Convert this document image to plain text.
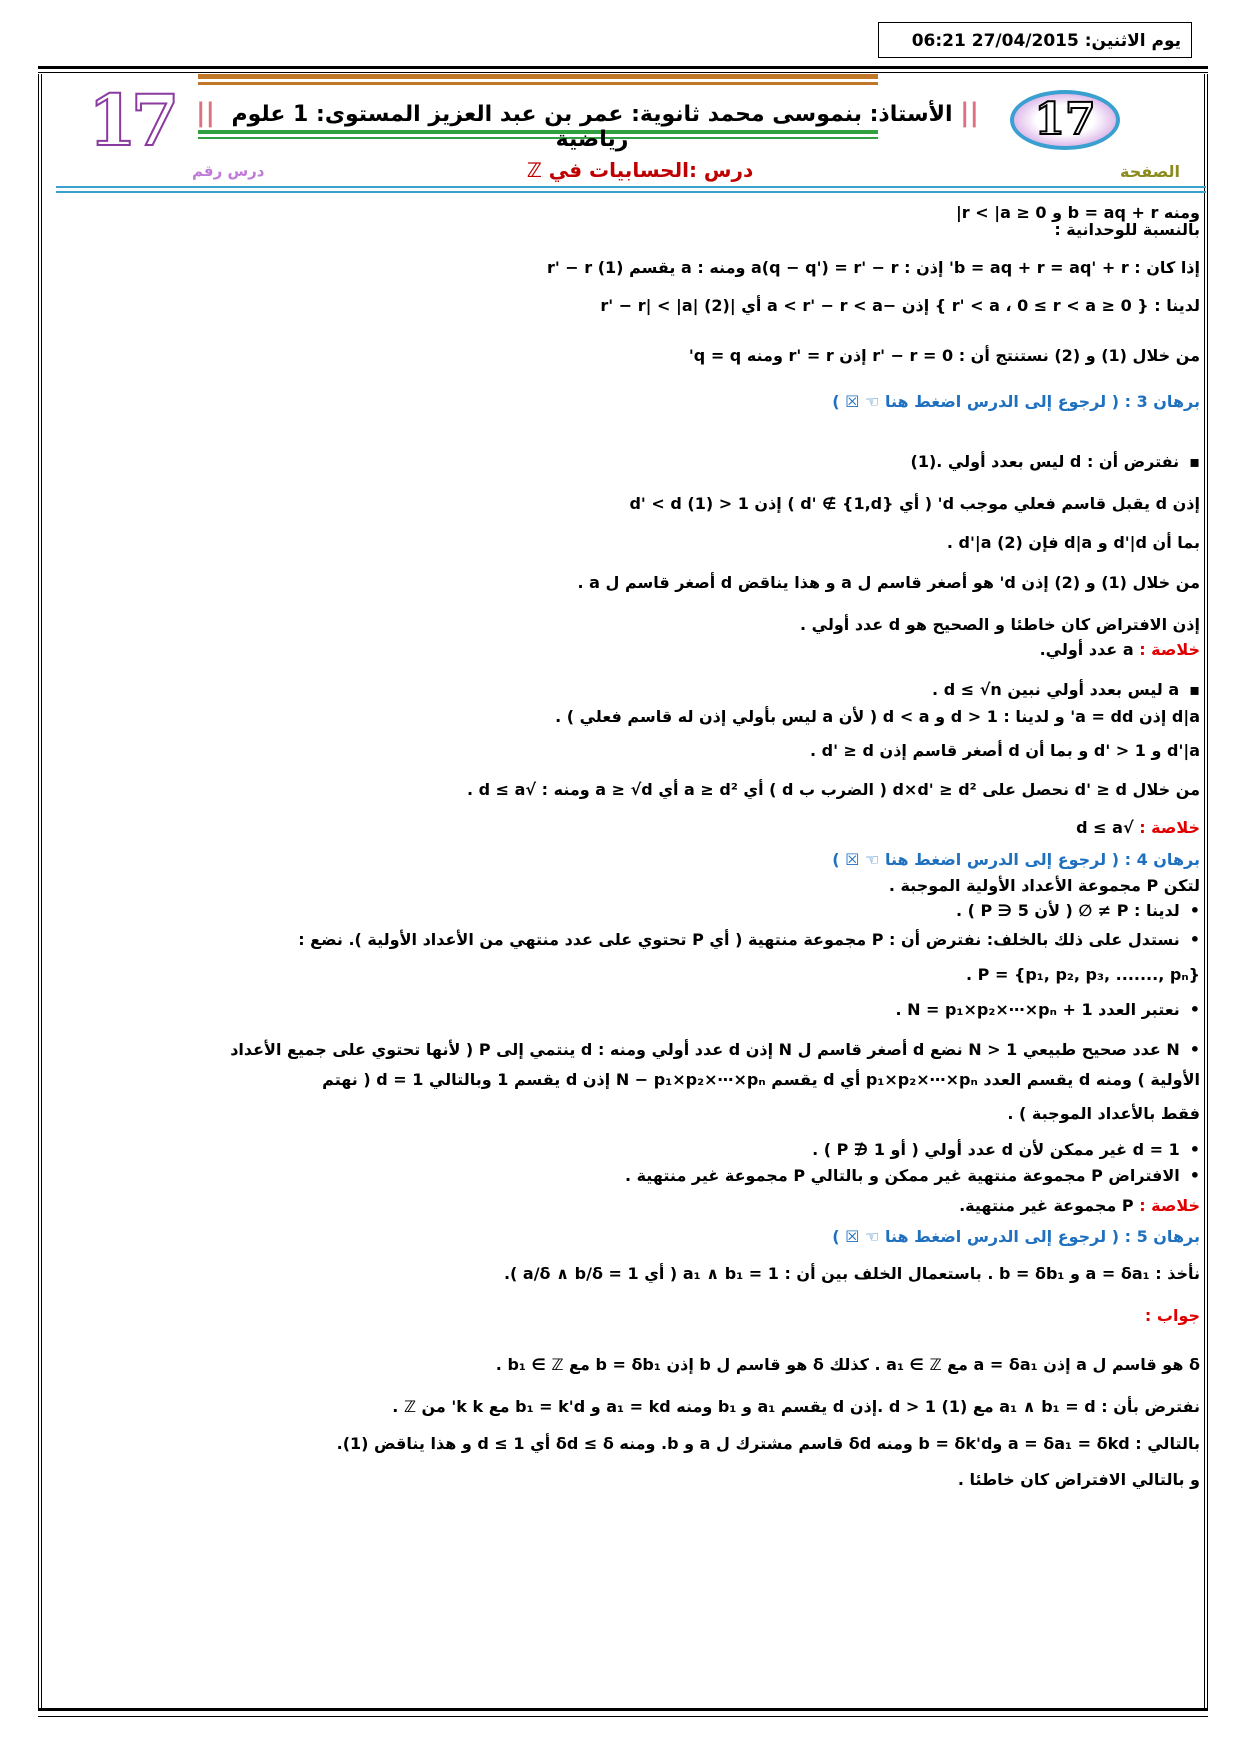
يوم الاثنين: 27/04/2015 06:21
17	17
||	||
الأستاذ: بنموسى محمد ثانوية: عمر بن عبد العزيز المستوى: 1 علوم رياضية
درس رقم	درس :الحسابيات في ℤ	الصفحة
ومنه b = aq + r و 0 ≤ r < |a|
بالنسبة للوحدانية :
إذا كان : b = aq + r = aq' + r' إذن : a(q − q') = r' − r ومنه : a يقسم r' − r (1)
لدينا : { 0 ≤ r' < a ، 0 ≤ r < a } إذن −a < r' − r < a أي |r' − r| < |a| (2)
من خلال (1) و (2) نستنتج أن : r' − r = 0 إذن r' = r ومنه q = q'
برهان 3 : ( لرجوع إلى الدرس اضغط هنا ☜ ☒ )
▪ نفترض أن : d ليس بعدد أولي .(1)
إذن d يقبل قاسم فعلي موجب d' ( أي d' ∉ {1,d} ) إذن 1 < d' < d (1)
بما أن d'|d و d|a فإن d'|a (2) .
من خلال (1) و (2) إذن d' هو أصغر قاسم ل a و هذا يناقض d أصغر قاسم ل a .
إذن الافتراض كان خاطئا و الصحيح هو d عدد أولي .
خلاصة : a عدد أولي.
▪ a ليس بعدد أولي نبين d ≤ √n .
d|a إذن a = dd' و لدينا : d > 1 و d < a ( لأن a ليس بأولي إذن له قاسم فعلي ) .
d'|a و d' > 1 و بما أن d أصغر قاسم إذن d' ≥ d .
من خلال d' ≥ d نحصل على d×d' ≥ d² ( الضرب ب d ) أي a ≥ d² أي a ≥ √d ومنه : √d ≤ a .
خلاصة : √d ≤ a
برهان 4 : ( لرجوع إلى الدرس اضغط هنا ☜ ☒ )
لتكن P مجموعة الأعداد الأولية الموجبة .
• لدينا : P ≠ ∅ ( لأن 5 ∈ P ) .
• نستدل على ذلك بالخلف: نفترض أن : P مجموعة منتهية ( أي P تحتوي على عدد منتهي من الأعداد الأولية ). نضع :
P = {p₁, p₂, p₃, ......., pₙ} .
• نعتبر العدد N = p₁×p₂×⋯×pₙ + 1 .
• N عدد صحيح طبيعي N > 1 نضع d أصغر قاسم ل N إذن d عدد أولي ومنه : d ينتمي إلى P ( لأنها تحتوي على جميع الأعداد
الأولية ) ومنه d يقسم العدد p₁×p₂×⋯×pₙ أي d يقسم N − p₁×p₂×⋯×pₙ إذن d يقسم 1 وبالتالي d = 1 ( نهتم
فقط بالأعداد الموجبة ) .
• d = 1 غير ممكن لأن d عدد أولي ( أو 1 ∉ P ) .
• الافتراض P مجموعة منتهية غير ممكن و بالتالي P مجموعة غير منتهية .
خلاصة : P مجموعة غير منتهية.
برهان 5 : ( لرجوع إلى الدرس اضغط هنا ☜ ☒ )
نأخذ : a = δa₁ و b = δb₁ . باستعمال الخلف بين أن : a₁ ∧ b₁ = 1 ( أي a/δ ∧ b/δ = 1 ).
جواب :
δ هو قاسم ل a إذن a = δa₁ مع a₁ ∈ ℤ . كذلك δ هو قاسم ل b إذن b = δb₁ مع b₁ ∈ ℤ .
نفترض بأن : a₁ ∧ b₁ = d مع d > 1 (1) .إذن d يقسم a₁ و b₁ ومنه a₁ = kd و b₁ = k'd مع k k' من ℤ .
بالتالي : a = δa₁ = δkd وb = δk'd ومنه δd قاسم مشترك ل a و b. ومنه δd ≤ δ أي d ≤ 1 و هذا يناقض (1).
و بالتالي الافتراض كان خاطئا .
